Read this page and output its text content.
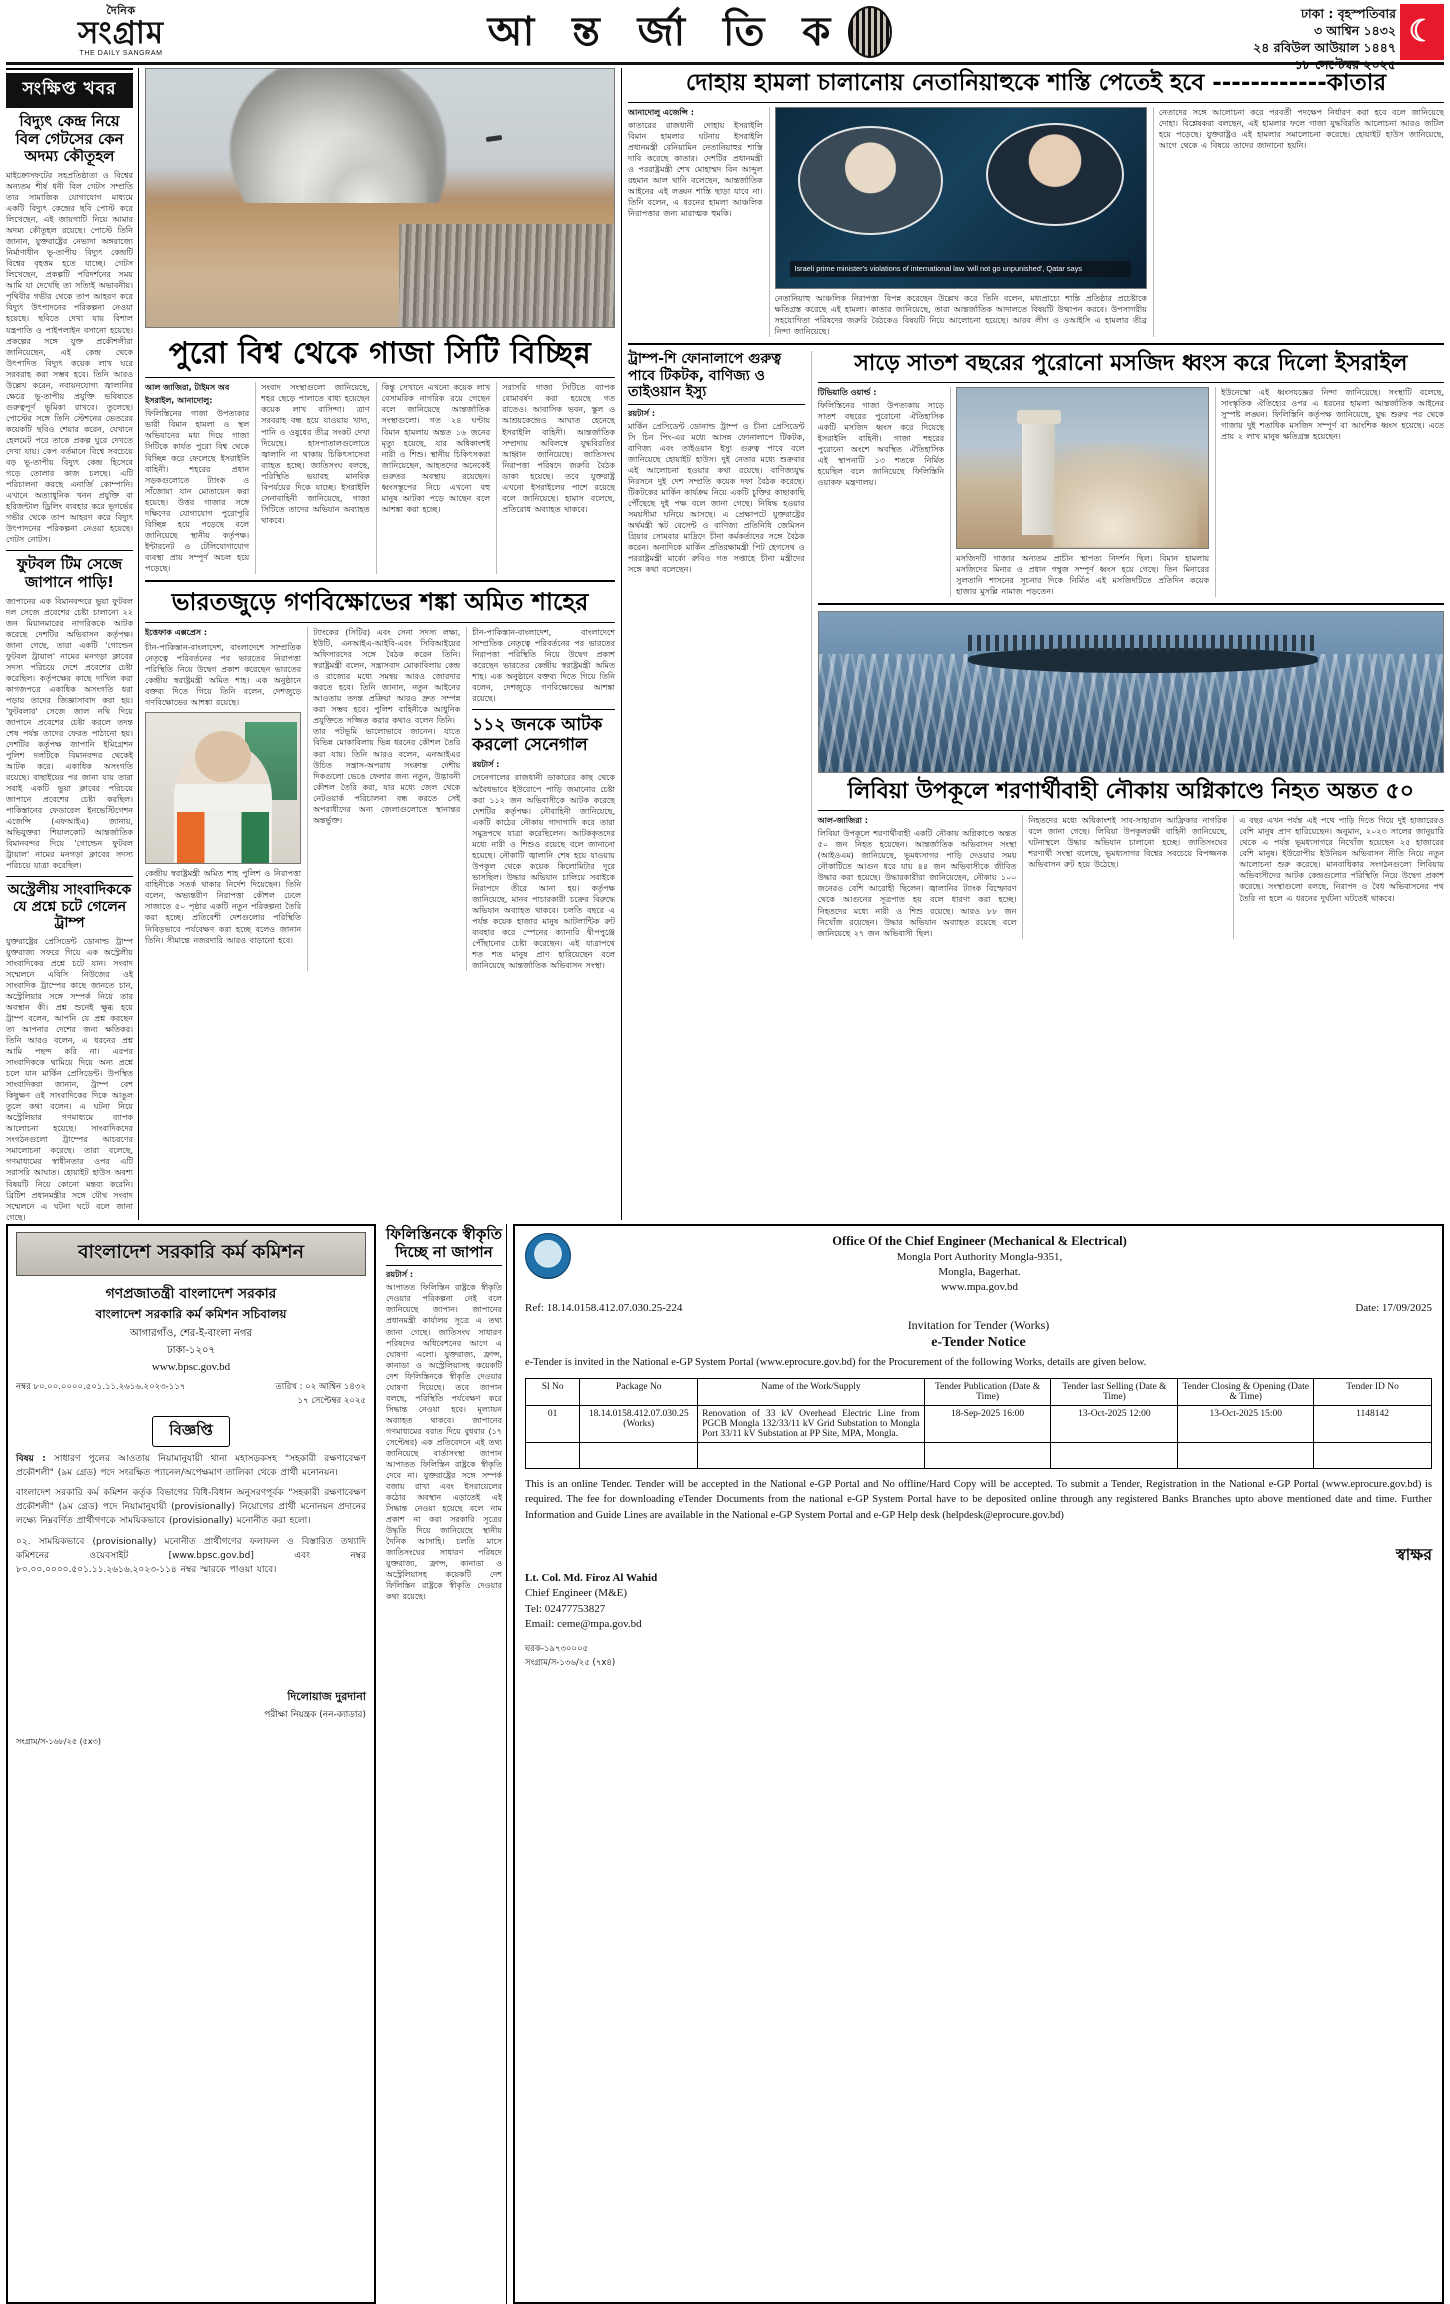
দৈনিক
সংগ্রাম
THE DAILY SANGRAM	আ ন্ত র্জা তি ক	ঢাকা : বৃহস্পতিবার
৩ আশ্বিন ১৪৩২
২৪ রবিউল আউয়াল ১৪৪৭
১৮ সেপ্টেম্বর ২০২৫
☾
সংক্ষিপ্ত খবর
বিদ্যুৎ কেন্দ্র নিয়ে বিল গেটসের কেন অদম্য কৌতূহল
মাইক্রোসফটের সহপ্রতিষ্ঠাতা ও বিশ্বের অন্যতম শীর্ষ ধনী বিল গেটস সম্প্রতি তার সামাজিক যোগাযোগ মাধ্যমে একটি বিদ্যুৎ কেন্দ্রের ছবি পোস্ট করে লিখেছেন, এই জায়গাটি নিয়ে আমার অদম্য কৌতূহল রয়েছে। পোস্টে তিনি জানান, যুক্তরাষ্ট্রের নেভাদা অঙ্গরাজ্যে নির্মাণাধীন ভূ-তাপীয় বিদ্যুৎ কেন্দ্রটি বিশ্বের বৃহত্তম হতে যাচ্ছে। গেটস লিখেছেন, প্রকল্পটি পরিদর্শনের সময় আমি যা দেখেছি তা সত্যিই অভাবনীয়। পৃথিবীর গভীর থেকে তাপ আহরণ করে বিদ্যুৎ উৎপাদনের পরিকল্পনা নেওয়া হয়েছে। ছবিতে দেখা যায় বিশাল যন্ত্রপাতি ও পাইপলাইন বসানো হয়েছে। প্রকল্পের সঙ্গে যুক্ত প্রকৌশলীরা জানিয়েছেন, এই কেন্দ্র থেকে উৎপাদিত বিদ্যুৎ কয়েক লাখ ঘরে সরবরাহ করা সম্ভব হবে। তিনি আরও উল্লেখ করেন, নবায়নযোগ্য জ্বালানির ক্ষেত্রে ভূ-তাপীয় প্রযুক্তি ভবিষ্যতে গুরুত্বপূর্ণ ভূমিকা রাখবে। তুলেছে। পোস্টের সঙ্গে তিনি স্টেশনের ভেতরের কয়েকটি ছবিও শেয়ার করেন, যেখানে হেলমেট পরে তাকে প্রকল্প ঘুরে দেখতে দেখা যায়। কেপ বর্তমানে বিশ্বে সবচেয়ে বড় ভূ-তাপীয় বিদ্যুৎ কেন্দ্র হিসেবে গড়ে তোলার কাজ চলছে। এটি পরিচালনা করছে এনার্জি কোম্পানি। এখানে অত্যাধুনিক খনন প্রযুক্তি বা হরিজন্টাল ড্রিলিং ব্যবহার করে ভূগর্ভের গভীর থেকে তাপ আহরণ করে বিদ্যুৎ উৎপাদনের পরিকল্পনা নেওয়া হয়েছে। গেটস নোটস।
ফুটবল টিম সেজে জাপানে পাড়ি!
জাপানের এক বিমানবন্দরে ভুয়া ফুটবল দল সেজে প্রবেশের চেষ্টা চালানো ২২ জন মিয়ানমারের নাগরিককে আটক করেছে দেশটির অভিবাসন কর্তৃপক্ষ। জানা গেছে, তারা একটি 'গোল্ডেন ফুটবল ট্রায়াল' নামের মনগড়া ক্লাবের সদস্য পরিচয়ে দেশে প্রবেশের চেষ্টা করেছিল। কর্তৃপক্ষের কাছে দাখিল করা কাগজপত্রে একাধিক অসংগতি ধরা পড়ায় তাদের জিজ্ঞাসাবাদ করা হয়। 'ফুটবলার' সেজে জাল নথি দিয়ে জাপানে প্রবেশের চেষ্টা করলে তদন্ত শেষ পর্যন্ত তাদের ফেরত পাঠানো হয়। দেশটির কর্তৃপক্ষ জাপানি ইমিগ্রেশন পুলিশ দলটিকে বিমানবন্দর থেকেই আটক করে। একাধিক অসংগতি রয়েছে। বাছাইয়ের পর জানা যায় তারা সবাই একটি ভুয়া ক্লাবের পরিচয়ে জাপানে প্রবেশের চেষ্টা করছিল। পাকিস্তানের ফেডারেল ইনভেস্টিগেশন এজেন্সি (এফআইএ) জানায়, অভিযুক্তরা শিয়ালকোট আন্তর্জাতিক বিমানবন্দর দিয়ে 'গোল্ডেন ফুটবল ট্রায়াল' নামের মনগড়া ক্লাবের সদস্য পরিচয়ে যাত্রা করেছিল।
অস্ট্রেলীয় সাংবাদিককে যে প্রশ্নে চটে গেলেন ট্রাম্প
যুক্তরাষ্ট্রের প্রেসিডেন্ট ডোনাল্ড ট্রাম্প যুক্তরাজ্য সফরে গিয়ে এক অস্ট্রেলীয় সাংবাদিকের প্রশ্নে চটে যান। সংবাদ সম্মেলনে এবিসি নিউজের ওই সাংবাদিক ট্রাম্পের কাছে জানতে চান, অস্ট্রেলিয়ার সঙ্গে সম্পর্ক নিয়ে তার অবস্থান কী। প্রশ্ন শুনেই ক্ষুব্ধ হয়ে ট্রাম্প বলেন, আপনি যে প্রশ্ন করছেন তা আপনার দেশের জন্য ক্ষতিকর। তিনি আরও বলেন, এ ধরনের প্রশ্ন আমি পছন্দ করি না। এরপর সাংবাদিককে থামিয়ে দিয়ে অন্য প্রশ্নে চলে যান মার্কিন প্রেসিডেন্ট। উপস্থিত সাংবাদিকরা জানান, ট্রাম্প বেশ কিছুক্ষণ ওই সাংবাদিকের দিকে আঙুল তুলে কথা বলেন। এ ঘটনা নিয়ে অস্ট্রেলিয়ার গণমাধ্যমে ব্যাপক আলোচনা হয়েছে। সাংবাদিকদের সংগঠনগুলো ট্রাম্পের আচরণের সমালোচনা করেছে। তারা বলেছে, গণমাধ্যমের স্বাধীনতার ওপর এটি সরাসরি আঘাত। হোয়াইট হাউস অবশ্য বিষয়টি নিয়ে কোনো মন্তব্য করেনি। ব্রিটিশ প্রধানমন্ত্রীর সঙ্গে যৌথ সংবাদ সম্মেলনে এ ঘটনা ঘটে বলে জানা গেছে।
পুরো বিশ্ব থেকে গাজা সিটি বিচ্ছিন্ন
আল জাজিরা, টাইমস অব ইসরাইল, আনাদোলু:
ফিলিস্তিনের গাজা উপত্যকার ভারী বিমান হামলা ও স্থল অভিযানের মধ্য দিয়ে গাজা সিটিকে কার্যত পুরো বিশ্ব থেকে বিচ্ছিন্ন করে ফেলেছে ইসরাইলি বাহিনী। শহরের প্রধান সড়কগুলোতে ট্যাংক ও সাঁজোয়া যান মোতায়েন করা হয়েছে। উত্তর গাজার সঙ্গে দক্ষিণের যোগাযোগ পুরোপুরি বিচ্ছিন্ন হয়ে পড়েছে বলে জানিয়েছে স্থানীয় কর্তৃপক্ষ। ইন্টারনেট ও টেলিযোগাযোগ ব্যবস্থা প্রায় সম্পূর্ণ অচল হয়ে পড়েছে।
সংবাদ সংস্থাগুলো জানিয়েছে, শহর ছেড়ে পালাতে বাধ্য হয়েছেন কয়েক লাখ বাসিন্দা। ত্রাণ সরবরাহ বন্ধ হয়ে যাওয়ায় খাদ্য, পানি ও ওষুধের তীব্র সংকট দেখা দিয়েছে। হাসপাতালগুলোতে জ্বালানি না থাকায় চিকিৎসাসেবা ব্যাহত হচ্ছে। জাতিসংঘ বলছে, পরিস্থিতি ভয়াবহ মানবিক বিপর্যয়ের দিকে যাচ্ছে। ইসরাইলি সেনাবাহিনী জানিয়েছে, গাজা সিটিতে তাদের অভিযান অব্যাহত থাকবে।
কিন্তু সেখানে এখনো কয়েক লাখ বেসামরিক নাগরিক রয়ে গেছেন বলে জানিয়েছে আন্তর্জাতিক সংস্থাগুলো। গত ২৪ ঘণ্টায় বিমান হামলায় অন্তত ১৬ জনের মৃত্যু হয়েছে, যার অধিকাংশই নারী ও শিশু। স্থানীয় চিকিৎসকরা জানিয়েছেন, আহতদের অনেকেই গুরুতর অবস্থায় রয়েছেন। ধ্বংসস্তূপের নিচে এখনো বহু মানুষ আটকা পড়ে আছেন বলে আশঙ্কা করা হচ্ছে।
সরাসরি গাজা সিটিতে ব্যাপক বোমাবর্ষণ করা হয়েছে গত রাতেও। আবাসিক ভবন, স্কুল ও আশ্রয়কেন্দ্রেও আঘাত হেনেছে ইসরাইলি বাহিনী। আন্তর্জাতিক সম্প্রদায় অবিলম্বে যুদ্ধবিরতির আহ্বান জানিয়েছে। জাতিসংঘ নিরাপত্তা পরিষদে জরুরি বৈঠক ডাকা হয়েছে। তবে যুক্তরাষ্ট্র এখনো ইসরাইলের পাশে রয়েছে বলে জানিয়েছে। হামাস বলেছে, প্রতিরোধ অব্যাহত থাকবে।
ভারতজুড়ে গণবিক্ষোভের শঙ্কা অমিত শাহের
ইত্তেফাক এক্সপ্রেস :
চীন-পাকিস্তান-বাংলাদেশ, বাংলাদেশে সাম্প্রতিক নেতৃত্বে পরিবর্তনের পর ভারতের নিরাপত্তা পরিস্থিতি নিয়ে উদ্বেগ প্রকাশ করেছেন ভারতের কেন্দ্রীয় স্বরাষ্ট্রমন্ত্রী অমিত শাহ। এক অনুষ্ঠানে বক্তব্য দিতে গিয়ে তিনি বলেন, দেশজুড়ে গণবিক্ষোভের আশঙ্কা রয়েছে।
কেন্দ্রীয় স্বরাষ্ট্রমন্ত্রী অমিত শাহ পুলিশ ও নিরাপত্তা বাহিনীকে সতর্ক থাকার নির্দেশ দিয়েছেন। তিনি বলেন, অভ্যন্তরীণ নিরাপত্তা কৌশল ঢেলে সাজাতে ৫০ পৃষ্ঠার একটি নতুন পরিকল্পনা তৈরি করা হচ্ছে। প্রতিবেশী দেশগুলোর পরিস্থিতি নিবিড়ভাবে পর্যবেক্ষণ করা হচ্ছে বলেও জানান তিনি। সীমান্তে নজরদারি আরও বাড়ানো হবে।
ট্যাংকের (সিটির) এবং সেনা সদস্য লক্ষ্য, ইউটি, এনআইএ-আইবি-এবং সিবিআইয়ের অফিসারদের সঙ্গে বৈঠক করেন তিনি। স্বরাষ্ট্রমন্ত্রী বলেন, সন্ত্রাসবাদ মোকাবিলায় কেন্দ্র ও রাজ্যের মধ্যে সমন্বয় আরও জোরদার করতে হবে। তিনি জানান, নতুন আইনের আওতায় তদন্ত প্রক্রিয়া আরও দ্রুত সম্পন্ন করা সম্ভব হবে। পুলিশ বাহিনীকে আধুনিক প্রযুক্তিতে সজ্জিত করার কথাও বলেন তিনি।
তার পটভূমি ভালোভাবে জানেন। যাতে বিভিন্ন মোকাবিলায় ভিন্ন ধরনের কৌশল তৈরি করা যায়। তিনি আরও বলেন, এনআইএর উচিত সন্ত্রাস-অপরাধ সংক্রান্ত দেশীয় দিকগুলো ভেঙে ফেলার জন্য নতুন, উদ্ভাবনী কৌশল তৈরি করা, যার মধ্যে জেল থেকে নেটওয়ার্ক পরিচালনা বন্ধ করতে সেই অপরাধীদের অন্য জেলাগুলোতে স্থানান্তর অন্তর্ভুক্ত।
চীন-পাকিস্তান-বাংলাদেশ, বাংলাদেশে সাম্প্রতিক নেতৃত্বে পরিবর্তনের পর ভারতের নিরাপত্তা পরিস্থিতি নিয়ে উদ্বেগ প্রকাশ করেছেন ভারতের কেন্দ্রীয় স্বরাষ্ট্রমন্ত্রী অমিত শাহ। এক অনুষ্ঠানে বক্তব্য দিতে গিয়ে তিনি বলেন, দেশজুড়ে গণবিক্ষোভের আশঙ্কা রয়েছে।
১১২ জনকে আটক করলো সেনেগাল
রয়টার্স :
সেনেগালের রাজধানী ডাকারের কাছ থেকে অবৈধভাবে ইউরোপে পাড়ি জমানোর চেষ্টা করা ১১২ জন অভিবাসীকে আটক করেছে দেশটির কর্তৃপক্ষ। নৌবাহিনী জানিয়েছে, একটি কাঠের নৌকায় গাদাগাদি করে তারা সমুদ্রপথে যাত্রা করেছিলেন। আটককৃতদের মধ্যে নারী ও শিশুও রয়েছে বলে জানানো হয়েছে। নৌকাটি জ্বালানি শেষ হয়ে যাওয়ায় উপকূল থেকে কয়েক কিলোমিটার দূরে ভাসছিল। উদ্ধার অভিযান চালিয়ে সবাইকে নিরাপদে তীরে আনা হয়। কর্তৃপক্ষ জানিয়েছে, মানব পাচারকারী চক্রের বিরুদ্ধে অভিযান অব্যাহত থাকবে। চলতি বছরে এ পর্যন্ত কয়েক হাজার মানুষ আটলান্টিক রুট ব্যবহার করে স্পেনের ক্যানারি দ্বীপপুঞ্জে পৌঁছানোর চেষ্টা করেছেন। এই যাত্রাপথে শত শত মানুষ প্রাণ হারিয়েছেন বলে জানিয়েছে আন্তর্জাতিক অভিবাসন সংস্থা।
দোহায় হামলা চালানোয় নেতানিয়াহুকে শাস্তি পেতেই হবে ------------কাতার
আনাদোলু এজেন্সি :
কাতারের রাজধানী দোহায় ইসরাইলি বিমান হামলার ঘটনায় ইসরাইলি প্রধানমন্ত্রী বেনিয়ামিন নেতানিয়াহুর শাস্তি দাবি করেছে কাতার। দেশটির প্রধানমন্ত্রী ও পররাষ্ট্রমন্ত্রী শেখ মোহাম্মদ বিন আব্দুল রহমান আল থানি বলেছেন, আন্তর্জাতিক আইনের এই লঙ্ঘন শাস্তি ছাড়া যাবে না। তিনি বলেন, এ ধরনের হামলা আঞ্চলিক নিরাপত্তার জন্য মারাত্মক হুমকি।
Israeli prime minister's violations of international law 'will not go unpunished', Qatar says
নেতানিয়াহু আঞ্চলিক নিরাপত্তা বিপন্ন করেছেন উল্লেখ করে তিনি বলেন, মধ্যপ্রাচ্যে শান্তি প্রতিষ্ঠার প্রচেষ্টাকে ক্ষতিগ্রস্ত করেছে এই হামলা। কাতার জানিয়েছে, তারা আন্তর্জাতিক আদালতে বিষয়টি উত্থাপন করবে। উপসাগরীয় সহযোগিতা পরিষদের জরুরি বৈঠকেও বিষয়টি নিয়ে আলোচনা হয়েছে। আরব লীগ ও ওআইসি এ হামলার তীব্র নিন্দা জানিয়েছে।
নেতাদের সঙ্গে আলোচনা করে পরবর্তী পদক্ষেপ নির্ধারণ করা হবে বলে জানিয়েছে দোহা। বিশ্লেষকরা বলছেন, এই হামলার ফলে গাজা যুদ্ধবিরতি আলোচনা আরও জটিল হয়ে পড়েছে। যুক্তরাষ্ট্রও এই হামলার সমালোচনা করেছে। হোয়াইট হাউস জানিয়েছে, আগে থেকে এ বিষয়ে তাদের জানানো হয়নি।
ট্রাম্প-শি ফোনালাপে গুরুত্ব পাবে টিকটক, বাণিজ্য ও তাইওয়ান ইস্যু
রয়টার্স :
মার্কিন প্রেসিডেন্ট ডোনাল্ড ট্রাম্প ও চীনা প্রেসিডেন্ট সি চিন পিং-এর মধ্যে আসন্ন ফোনালাপে টিকটক, বাণিজ্য এবং তাইওয়ান ইস্যু গুরুত্ব পাবে বলে জানিয়েছে হোয়াইট হাউস। দুই নেতার মধ্যে শুক্রবার এই আলোচনা হওয়ার কথা রয়েছে। বাণিজ্যযুদ্ধ নিরসনে দুই দেশ সম্প্রতি কয়েক দফা বৈঠক করেছে। টিকটকের মার্কিন কার্যক্রম নিয়ে একটি চুক্তির কাছাকাছি পৌঁছেছে দুই পক্ষ বলে জানা গেছে। নিষিদ্ধ হওয়ার সময়সীমা ঘনিয়ে আসছে। এ প্রেক্ষাপটে যুক্তরাষ্ট্রের অর্থমন্ত্রী স্কট বেসেন্ট ও বাণিজ্য প্রতিনিধি জেমিসন গ্রিয়ার সোমবার মাদ্রিদে চীনা কর্মকর্তাদের সঙ্গে বৈঠক করেন। অন্যদিকে মার্কিন প্রতিরক্ষামন্ত্রী পিট হেগসেথ ও পররাষ্ট্রমন্ত্রী মার্কো রুবিও গত সপ্তাহে চীনা মন্ত্রীদের সঙ্গে কথা বলেছেন।
সাড়ে সাতশ বছরের পুরোনো মসজিদ ধ্বংস করে দিলো ইসরাইল
টিভিয়াতি ওয়ার্ল্ড :
ফিলিস্তিনের গাজা উপত্যকায় সাড়ে সাতশ বছরের পুরোনো ঐতিহাসিক একটি মসজিদ ধ্বংস করে দিয়েছে ইসরাইলি বাহিনী। গাজা শহরের পুরোনো অংশে অবস্থিত ঐতিহাসিক এই স্থাপনাটি ১৩ শতকে নির্মিত হয়েছিল বলে জানিয়েছে ফিলিস্তিনি ওয়াকফ মন্ত্রণালয়।
মসজিদটি গাজার অন্যতম প্রাচীন স্থাপত্য নিদর্শন ছিল। বিমান হামলায় মসজিদের মিনার ও প্রধান গম্বুজ সম্পূর্ণ ধ্বংস হয়ে গেছে। তিন মিনারের সুলতানি শাসনের সূচনার দিকে নির্মিত এই মসজিদটিতে প্রতিদিন কয়েক হাজার মুসল্লি নামাজ পড়তেন।
ইউনেস্কো এই ধ্বংসযজ্ঞের নিন্দা জানিয়েছে। সংস্থাটি বলেছে, সাংস্কৃতিক ঐতিহ্যের ওপর এ ধরনের হামলা আন্তর্জাতিক আইনের সুস্পষ্ট লঙ্ঘন। ফিলিস্তিনি কর্তৃপক্ষ জানিয়েছে, যুদ্ধ শুরুর পর থেকে গাজায় দুই শতাধিক মসজিদ সম্পূর্ণ বা আংশিক ধ্বংস হয়েছে। এতে প্রায় ২ লাখ মানুষ ক্ষতিগ্রস্ত হয়েছেন।
লিবিয়া উপকূলে শরণার্থীবাহী নৌকায় অগ্নিকাণ্ডে নিহত অন্তত ৫০
আল-জাজিরা :
লিবিয়া উপকূলে শরণার্থীবাহী একটি নৌকায় অগ্নিকাণ্ডে অন্তত ৫০ জন নিহত হয়েছেন। আন্তর্জাতিক অভিবাসন সংস্থা (আইওএম) জানিয়েছে, ভূমধ্যসাগর পাড়ি দেওয়ার সময় নৌকাটিতে আগুন ধরে যায় ৪৪ জন অভিবাসীকে জীবিত উদ্ধার করা হয়েছে। উদ্ধারকারীরা জানিয়েছেন, নৌকায় ১০০ জনেরও বেশি আরোহী ছিলেন। জ্বালানির ট্যাংক বিস্ফোরণ থেকে আগুনের সূত্রপাত হয় বলে ধারণা করা হচ্ছে। নিহতদের মধ্যে নারী ও শিশু রয়েছে। আরও ৮৮ জন নিখোঁজ রয়েছেন। উদ্ধার অভিযান অব্যাহত রয়েছে বলে জানিয়েছে ২৭ জন অভিবাসী ছিল।
নিহতদের মধ্যে অধিকাংশই সাব-সাহারান আফ্রিকার নাগরিক বলে জানা গেছে। লিবিয়া উপকূলরক্ষী বাহিনী জানিয়েছে, ঘটনাস্থলে উদ্ধার অভিযান চালানো হচ্ছে। জাতিসংঘের শরণার্থী সংস্থা বলেছে, ভূমধ্যসাগর বিশ্বের সবচেয়ে বিপজ্জনক অভিবাসন রুট হয়ে উঠেছে।
এ বছর এখন পর্যন্ত এই পথে পাড়ি দিতে গিয়ে দুই হাজারেরও বেশি মানুষ প্রাণ হারিয়েছেন। অনুমান, ২০২৩ সালের জানুয়ারি থেকে এ পর্যন্ত ভূমধ্যসাগরে নিখোঁজ হয়েছেন ২৫ হাজারের বেশি মানুষ। ইউরোপীয় ইউনিয়ন অভিবাসন নীতি নিয়ে নতুন আলোচনা শুরু করেছে। মানবাধিকার সংগঠনগুলো লিবিয়ায় অভিবাসীদের আটক কেন্দ্রগুলোর পরিস্থিতি নিয়ে উদ্বেগ প্রকাশ করেছে। সংস্থাগুলো বলছে, নিরাপদ ও বৈধ অভিবাসনের পথ তৈরি না হলে এ ধরনের দুর্ঘটনা ঘটতেই থাকবে।
বাংলাদেশ সরকারি কর্ম কমিশন
গণপ্রজাতন্ত্রী বাংলাদেশ সরকার
বাংলাদেশ সরকারি কর্ম কমিশন সচিবালয়
আগারগাঁও, শের-ই-বাংলা নগর
ঢাকা-১২০৭
www.bpsc.gov.bd
নম্বর ৮০.০০.০০০০.৫০১.১১.২৬১৬.২০২৩-১১৭	তারিখ : ০২ আশ্বিন ১৪৩২
১৭ সেপ্টেম্বর ২০২৫
বিজ্ঞপ্তি
বিষয় : সাধারণ পুলের আওতায় নিয়ামানুযায়ী থানা মহাসড়কসহ "সহকারী রক্ষণাবেক্ষণ প্রকৌশলী" (৯ম গ্রেড) পদে সংরক্ষিত প্যানেল/অপেক্ষমাণ তালিকা থেকে প্রার্থী মনোনয়ন।
বাংলাদেশ সরকারি কর্ম কমিশন কর্তৃক বিভাগের বিধি-বিধান অনুসরণপূর্বক "সহকারী রক্ষণাবেক্ষণ প্রকৌশলী" (৯ম গ্রেড) পদে নিয়ামানুযায়ী (provisionally) নিয়োগের প্রার্থী মনোনয়ন প্রদানের লক্ষ্যে নিম্নবর্ণিত প্রার্থীগণকে সাময়িকভাবে (provisionally) মনোনীত করা হলো।
০২. সাময়িকভাবে (provisionally) মনোনীত প্রার্থীগণের ফলাফল ও বিস্তারিত তথ্যাদি কমিশনের ওয়েবসাইট [www.bpsc.gov.bd] এবং নম্বর ৮০.০০.০০০০.৫০১.১১.২৬১৬.২০২৩-১১৪ নম্বর স্মারকে পাওয়া যাবে।
দিলোয়াজ দুরদানা
পরীক্ষা নিয়ন্ত্রক (নন-ক্যাডার)
সংগ্রাম/স-১৬৮/২৫ (৫x৩)
ফিলিস্তিনকে স্বীকৃতি দিচ্ছে না জাপান
রয়টার্স :
আপাতত ফিলিস্তিন রাষ্ট্রকে স্বীকৃতি দেওয়ার পরিকল্পনা নেই বলে জানিয়েছে জাপান। জাপানের প্রধানমন্ত্রী কার্যালয় সূত্রে এ তথ্য জানা গেছে। জাতিসংঘ সাধারণ পরিষদের অধিবেশনের আগে এ ঘোষণা এলো। যুক্তরাজ্য, ফ্রান্স, কানাডা ও অস্ট্রেলিয়াসহ কয়েকটি দেশ ফিলিস্তিনকে স্বীকৃতি দেওয়ার ঘোষণা দিয়েছে। তবে জাপান বলছে, পরিস্থিতি পর্যবেক্ষণ করে সিদ্ধান্ত নেওয়া হবে। মূল্যায়ন অব্যাহত থাকবে। জাপানের গণমাধ্যমের বরাত দিয়ে বুধবার (১৭ সেপ্টেম্বর) এক প্রতিবেদনে এই তথ্য জানিয়েছে বার্তাসংস্থা জাপান আপাতত ফিলিস্তিন রাষ্ট্রকে স্বীকৃতি দেবে না। যুক্তরাষ্ট্রের সঙ্গে সম্পর্ক বজায় রাখা এবং ইসরায়েলের কঠোর অবস্থান এড়াতেই এই সিদ্ধান্ত নেওয়া হয়েছে বলে নাম প্রকাশ না করা সরকারি সূত্রের উদ্ধৃতি দিয়ে জানিয়েছে স্থানীয় দৈনিক আসাহি। চলতি মাসে জাতিসংঘের সাধারণ পরিষদে যুক্তরাজ্য, ফ্রান্স, কানাডা ও অস্ট্রেলিয়াসহ কয়েকটি দেশ ফিলিস্তিন রাষ্ট্রকে স্বীকৃতি দেওয়ার কথা রয়েছে।
Office Of the Chief Engineer (Mechanical & Electrical)
Mongla Port Authority Mongla-9351,
Mongla, Bagerhat.
www.mpa.gov.bd
Ref: 18.14.0158.412.07.030.25-224	Date: 17/09/2025
Invitation for Tender (Works)
e-Tender Notice
e-Tender is invited in the National e-GP System Portal (www.eprocure.gov.bd) for the Procurement of the following Works, details are given below.
Sl No	Package No	Name of the Work/Supply	Tender Publication (Date & Time)	Tender last Selling (Date & Time)	Tender Closing & Opening (Date & Time)	Tender ID No
01	18.14.0158.412.07.030.25 (Works)	Renovation of 33 kV Overhead Electric Line from PGCB Mongla 132/33/11 kV Grid Substation to Mongla Port 33/11 kV Substation at PP Site, MPA, Mongla.	18-Sep-2025 16:00	13-Oct-2025 12:00	13-Oct-2025 15:00	1148142

This is an online Tender. Tender will be accepted in the National e-GP Portal and No offline/Hard Copy will be accepted. To submit a Tender, Registration in the National e-GP Portal (www.eprocure.gov.bd) is required. The fee for downloading eTender Documents from the national e-GP System Portal have to be deposited online through any registered Banks Branches upto above mentioned date and time. Further Information and Guide Lines are available in the National e-GP System Portal and e-GP Help desk (helpdesk@eprocure.gov.bd)
স্বাক্ষর
Lt. Col. Md. Firoz Al Wahid
Chief Engineer (M&E)
Tel: 02477753827
Email: ceme@mpa.gov.bd
ঘরক-১৯৭৩০০০৫
সংগ্রাম/স-১৩৬/২৫ (৭x৪)
